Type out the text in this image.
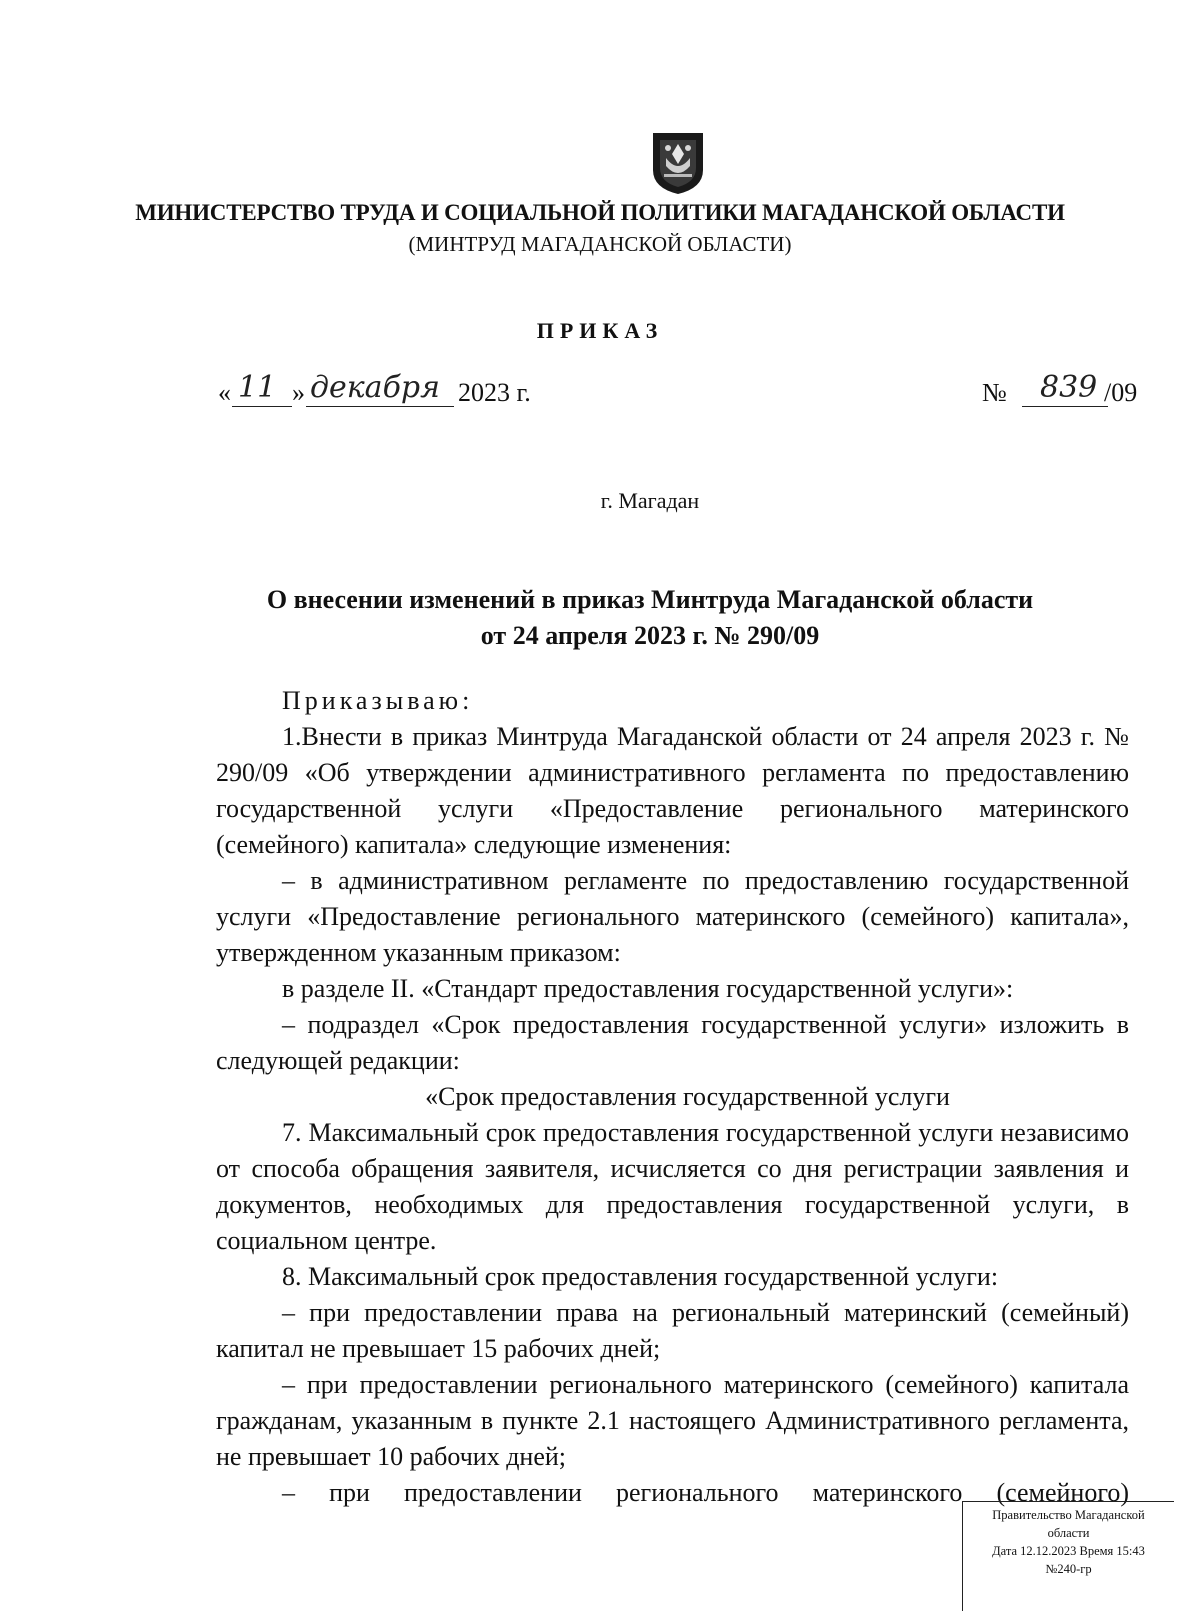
МИНИСТЕРСТВО ТРУДА И СОЦИАЛЬНОЙ ПОЛИТИКИ МАГАДАНСКОЙ ОБЛАСТИ
(МИНТРУД МАГАДАНСКОЙ ОБЛАСТИ)
ПРИКАЗ
« 11 » декабря 2023 г.	№ 839 /09
г. Магадан
О внесении изменений в приказ Минтруда Магаданской области
от 24 апреля 2023 г. № 290/09

Приказываю:

1.Внести в приказ Минтруда Магаданской области от 24 апреля 2023 г. № 290/09 «Об утверждении административного регламента по предоставлению государственной услуги «Предоставление регионального материнского (семейного) капитала» следующие изменения:

– в административном регламенте по предоставлению государственной услуги «Предоставление регионального материнского (семейного) капитала», утвержденном указанным приказом:

в разделе II. «Стандарт предоставления государственной услуги»:

– подраздел «Срок предоставления государственной услуги» изложить в следующей редакции:

«Срок предоставления государственной услуги

7. Максимальный срок предоставления государственной услуги независимо от способа обращения заявителя, исчисляется со дня регистрации заявления и документов, необходимых для предоставления государственной услуги, в социальном центре.

8. Максимальный срок предоставления государственной услуги:

– при предоставлении права на региональный материнский (семейный) капитал не превышает 15 рабочих дней;

– при предоставлении регионального материнского (семейного) капитала гражданам, указанным в пункте 2.1 настоящего Административного регламента, не превышает 10 рабочих дней;

– при предоставлении регионального материнского (семейного)

Правительство Магаданской
области
Дата 12.12.2023 Время 15:43
№240-гр
